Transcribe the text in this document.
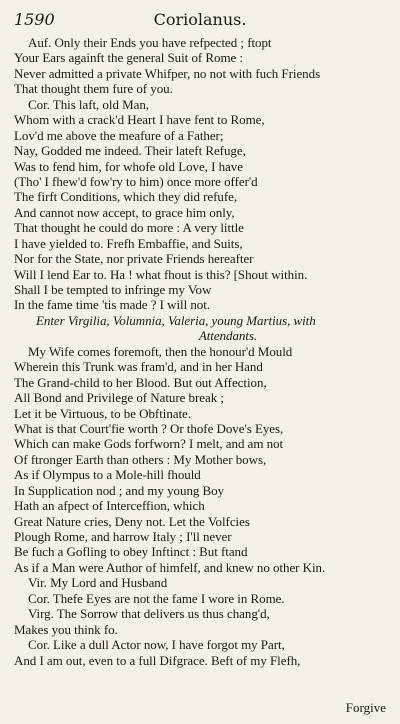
1590	Coriolanus.
Auf. Only their Ends you have refpected ; ftopt
Your Ears againft the general Suit of Rome :
Never admitted a private Whifper, no not with fuch Friends
That thought them fure of you.
Cor. This laft, old Man,
Whom with a crack'd Heart I have fent to Rome,
Lov'd me above the meafure of a Father;
Nay, Godded me indeed. Their lateft Refuge,
Was to fend him, for whofe old Love, I have
(Tho' I fhew'd fow'ry to him) once more offer'd
The firft Conditions, which they did refufe,
And cannot now accept, to grace him only,
That thought he could do more : A very little
I have yielded to. Frefh Embaffie, and Suits,
Nor for the State, nor private Friends hereafter
Will I lend Ear to. Ha ! what fhout is this? [Shout within.
Shall I be tempted to infringe my Vow
In the fame time 'tis made ? I will not.
Enter Virgilia, Volumnia, Valeria, young Martius, with
Attendants.
My Wife comes foremoft, then the honour'd Mould
Wherein this Trunk was fram'd, and in her Hand
The Grand-child to her Blood. But out Affection,
All Bond and Privilege of Nature break ;
Let it be Virtuous, to be Obftinate.
What is that Court'fie worth ? Or thofe Dove's Eyes,
Which can make Gods forfworn? I melt, and am not
Of ftronger Earth than others : My Mother bows,
As if Olympus to a Mole-hill fhould
In Supplication nod ; and my young Boy
Hath an afpect of Interceffion, which
Great Nature cries, Deny not. Let the Volfcies
Plough Rome, and harrow Italy ; I'll never
Be fuch a Gofling to obey Inftinct : But ftand
As if a Man were Author of himfelf, and knew no other Kin.
Vir. My Lord and Husband
Cor. Thefe Eyes are not the fame I wore in Rome.
Virg. The Sorrow that delivers us thus chang'd,
Makes you think fo.
Cor. Like a dull Actor now, I have forgot my Part,
And I am out, even to a full Difgrace. Beft of my Flefh,
Forgive
